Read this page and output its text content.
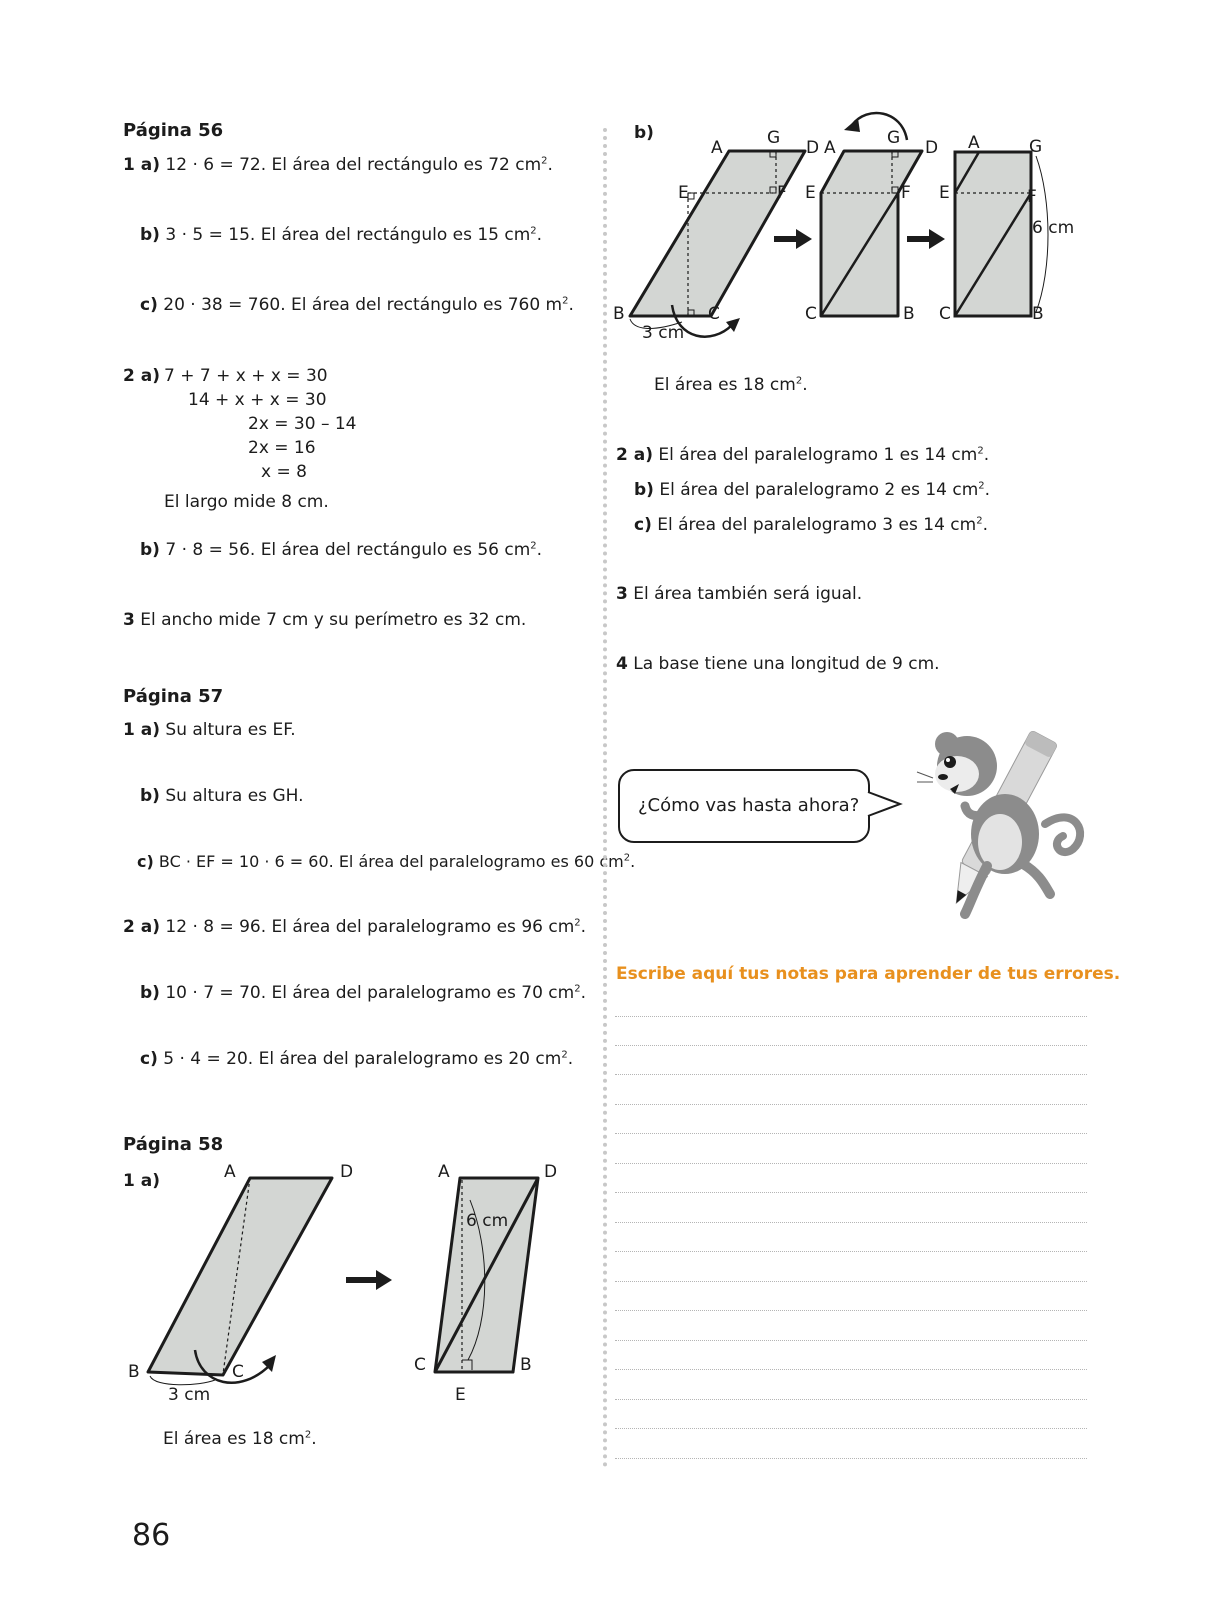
Página 56
1 a) 12 · 6 = 72. El área del rectángulo es 72 $cm^2$.
b) 3 · 5 = 15. El área del rectángulo es 15 $cm^2$.
c) 20 · 38 = 760. El área del rectángulo es 760 $m^2$.
2 a) 7 + 7 + x + x = 30
14 + x + x = 30
2x = 30 – 14
2x = 16
x = 8
El largo mide 8 cm.
b) 7 · 8 = 56. El área del rectángulo es 56 $cm^2$.
3 El ancho mide 7 cm y su perímetro es 32 cm.
Página 57
1 a) Su altura es EF.
b) Su altura es GH.
c) BC · EF = 10 · 6 = 60. El área del paralelogramo es 60 $cm^2$.
2 a) 12 · 8 = 96. El área del paralelogramo es 96 $cm^2$.
b) 10 · 7 = 70. El área del paralelogramo es 70 $cm^2$.
c) 5 · 4 = 20. El área del paralelogramo es 20 $cm^2$.
Página 58
1 a)	A	D
B	C
3 cm
A	D
C	B
E
6 cm
El área es 18 $cm^2$.
86
b)
A	G D
E	F
B	C
3 cm
A	G D
E	F
C	B
A	G
E	F
6 cm
C	B
El área es 18 $cm^2$.
2 a) El área del paralelogramo 1 es 14 $cm^2$.
b) El área del paralelogramo 2 es 14 $cm^2$.
c) El área del paralelogramo 3 es 14 $cm^2$.
3 El área también será igual.
4 La base tiene una longitud de 9 cm.
¿Cómo vas hasta ahora?
Escribe aquí tus notas para aprender de tus errores.
